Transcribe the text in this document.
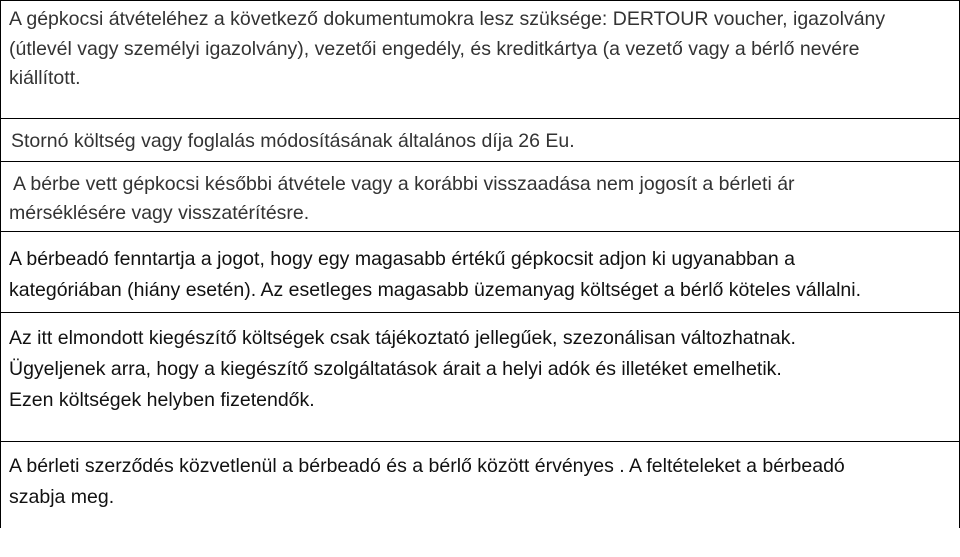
A gépkocsi átvételéhez a következő dokumentumokra lesz szüksége: DERTOUR voucher, igazolvány

(útlevél vagy személyi igazolvány), vezetői engedély, és kreditkártya (a vezető vagy a bérlő nevére

kiállított.

Stornó költség vagy foglalás módosításának általános díja 26 Eu.

A bérbe vett gépkocsi későbbi átvétele vagy a korábbi visszaadása nem jogosít a bérleti ár

mérséklésére vagy visszatérítésre.

A bérbeadó fenntartja a jogot, hogy egy magasabb értékű gépkocsit adjon ki ugyanabban a

kategóriában (hiány esetén). Az esetleges magasabb üzemanyag költséget a bérlő köteles vállalni.

Az itt elmondott kiegészítő költségek csak tájékoztató jellegűek, szezonálisan változhatnak.

Ügyeljenek arra, hogy a kiegészítő szolgáltatások árait a helyi adók és illetéket emelhetik.

Ezen költségek helyben fizetendők.

A bérleti szerződés közvetlenül a bérbeadó és a bérlő között érvényes . A feltételeket a bérbeadó

szabja meg.
